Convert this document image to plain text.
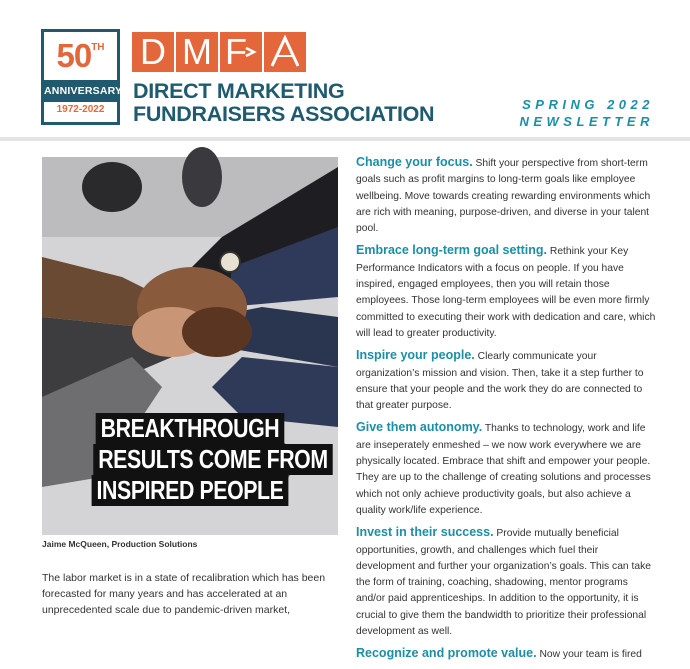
50 TH
ANNIVERSARY
1972-2022
D M F
DIRECT MARKETING
FUNDRAISERS ASSOCIATION	SPRING 2022
NEWSLETTER
BREAKTHROUGH
RESULTS COME FROM
INSPIRED PEOPLE
Jaime McQueen, Production Solutions
The labor market is in a state of recalibration which has been forecasted for many years and has accelerated at an unprecedented scale due to pandemic-driven market,

Change your focus. Shift your perspective from short-term goals such as profit margins to long-term goals like employee wellbeing. Move towards creating rewarding environments which are rich with meaning, purpose-driven, and diverse in your talent pool.

Embrace long-term goal setting. Rethink your Key Performance Indicators with a focus on people. If you have inspired, engaged employees, then you will retain those employees. Those long-term employees will be even more firmly committed to executing their work with dedication and care, which will lead to greater productivity.

Inspire your people. Clearly communicate your organization’s mission and vision. Then, take it a step further to ensure that your people and the work they do are connected to that greater purpose.

Give them autonomy. Thanks to technology, work and life are inseperately enmeshed – we now work everywhere we are physically located. Embrace that shift and empower your people. They are up to the challenge of creating solutions and processes which not only achieve productivity goals, but also achieve a quality work/life experience.

Invest in their success. Provide mutually beneficial opportunities, growth, and challenges which fuel their development and further your organization’s goals. This can take the form of training, coaching, shadowing, mentor programs and/or paid apprenticeships. In addition to the opportunity, it is crucial to give them the bandwidth to prioritize their professional development as well.

Recognize and promote value. Now your team is fired
